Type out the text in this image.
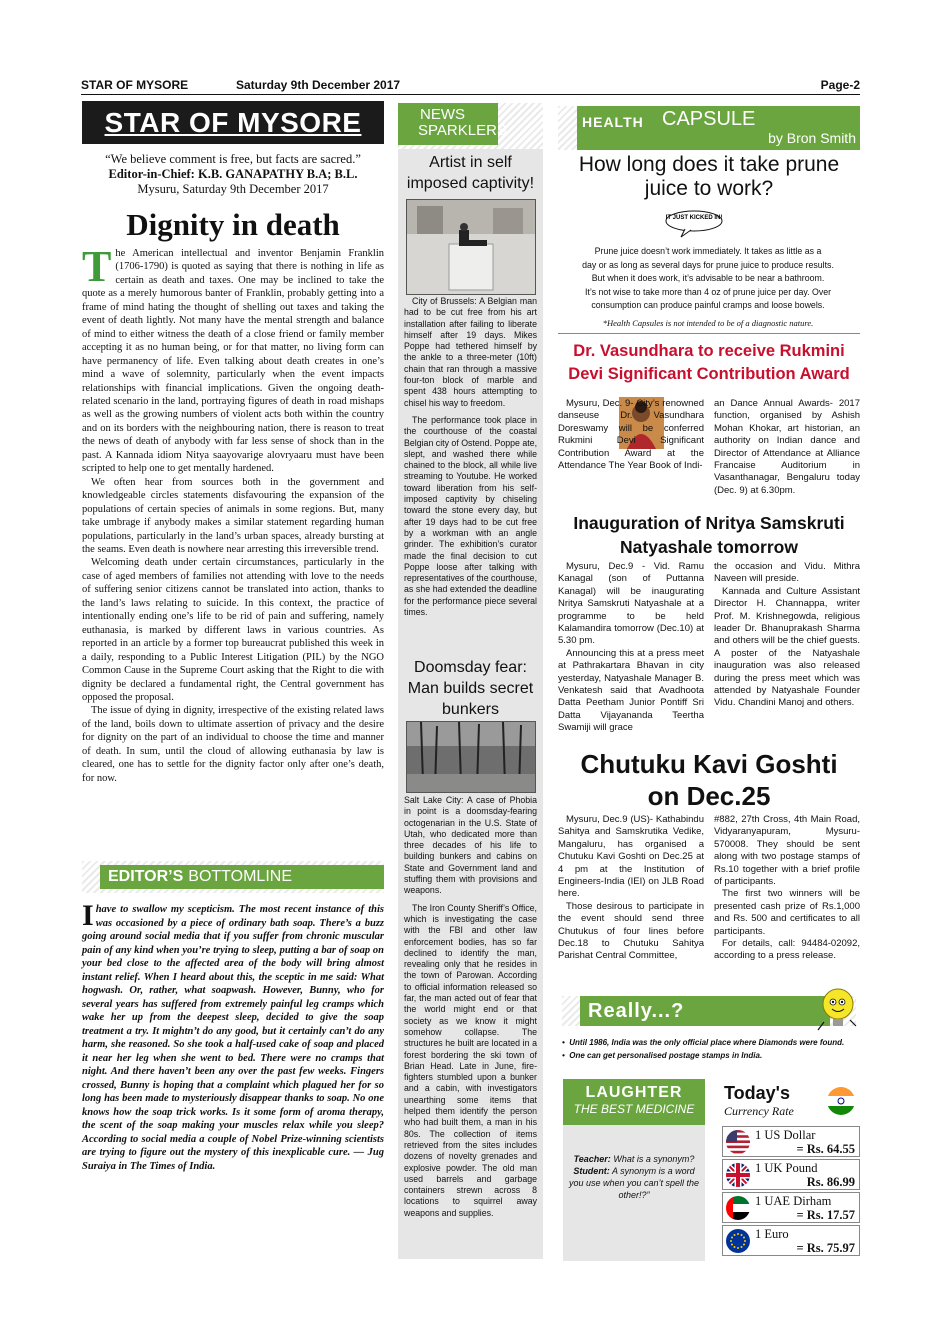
STAR OF MYSORE	Saturday 9th December 2017	Page-2
STAR OF MYSORE
“We believe comment is free, but facts are sacred.”
Editor-in-Chief: K.B. GANAPATHY B.A; B.L.
Mysuru, Saturday 9th December 2017
Dignity in death

The American intellectual and inventor Benjamin Franklin (1706-1790) is quoted as saying that there is nothing in life as certain as death and taxes. One may be inclined to take the quote as a merely humorous banter of Franklin, probably getting into a frame of mind hating the thought of shelling out taxes and taking the event of death lightly. Not many have the mental strength and balance of mind to either witness the death of a close friend or family member accepting it as no human being, or for that matter, no living form can have permanency of life. Even talking about death creates in one’s mind a wave of solemnity, particularly when the event impacts relationships with financial implications. Given the ongoing death-related scenario in the land, portraying figures of death in road mishaps as well as the growing numbers of violent acts both within the country and on its borders with the neighbouring nation, there is reason to treat the news of death of anybody with far less sense of shock than in the past. A Kannada idiom Nitya saayovarige alovryaaru must have been scripted to help one to get mentally hardened.

We often hear from sources both in the government and knowledgeable circles statements disfavouring the expansion of the populations of certain species of animals in some regions. But, many take umbrage if anybody makes a similar statement regarding human populations, particularly in the land’s urban spaces, already bursting at the seams. Even death is nowhere near arresting this irreversible trend.

Welcoming death under certain circumstances, particularly in the case of aged members of families not attending with love to the needs of suffering senior citizens cannot be translated into action, thanks to the land’s laws relating to suicide. In this context, the practice of intentionally ending one’s life to be rid of pain and suffering, namely euthanasia, is marked by different laws in various countries. As reported in an article by a former top bureaucrat published this week in a daily, responding to a Public Interest Litigation (PIL) by the NGO Common Cause in the Supreme Court asking that the Right to die with dignity be declared a fundamental right, the Central government has opposed the proposal.

The issue of dying in dignity, irrespective of the existing related laws of the land, boils down to ultimate assertion of privacy and the desire for dignity on the part of an individual to choose the time and manner of death. In sum, until the cloud of allowing euthanasia by law is cleared, one has to settle for the dignity factor only after one’s death, for now.

EDITOR’S BOTTOMLINE
Ihave to swallow my scepticism. The most recent instance of this was occasioned by a piece of ordinary bath soap. There’s a buzz going around social media that if you suffer from chronic muscular pain of any kind when you’re trying to sleep, putting a bar of soap on your bed close to the affected area of the body will bring almost instant relief. When I heard about this, the sceptic in me said: What hogwash. Or, rather, what soapwash. However, Bunny, who for several years has suffered from extremely painful leg cramps which wake her up from the deepest sleep, decided to give the soap treatment a try. It mightn’t do any good, but it certainly can’t do any harm, she reasoned. So she took a half-used cake of soap and placed it near her leg when she went to bed. There were no cramps that night. And there haven’t been any over the past few weeks. Fingers crossed, Bunny is hoping that a complaint which plagued her for so long has been made to mysteriously disappear thanks to soap. No one knows how the soap trick works. Is it some form of aroma therapy, the scent of the soap making your muscles relax while you sleep? According to social media a couple of Nobel Prize-winning scientists are trying to figure out the mystery of this inexplicable cure. — Jug Suraiya in The Times of India.
NEWS
SPARKLERS
Artist in self imposed captivity!

City of Brussels: A Belgian man had to be cut free from his art installation after failing to liberate himself after 19 days. Mikes Poppe had tethered himself by the ankle to a three-meter (10ft) chain that ran through a massive four-ton block of marble and spent 438 hours attempting to chisel his way to freedom.

The performance took place in the courthouse of the coastal Belgian city of Ostend. Poppe ate, slept, and washed there while chained to the block, all while live streaming to Youtube. He worked toward liberation from his self-imposed captivity by chiseling toward the stone every day, but after 19 days had to be cut free by a workman with an angle grinder. The exhibition’s curator made the final decision to cut Poppe loose after talking with representatives of the courthouse, as she had extended the deadline for the performance piece several times.

Doomsday fear: Man builds secret bunkers

Salt Lake City: A case of Phobia in point is a doomsday-fearing octogenarian in the U.S. State of Utah, who dedicated more than three decades of his life to building bunkers and cabins on State and Government land and stuffing them with provisions and weapons.

The Iron County Sheriff’s Office, which is investigating the case with the FBI and other law enforcement bodies, has so far declined to identify the man, revealing only that he resides in the town of Parowan. According to official information released so far, the man acted out of fear that the world might end or that society as we know it might somehow collapse. The structures he built are located in a forest bordering the ski town of Brian Head. Late in June, fire-fighters stumbled upon a bunker and a cabin, with investigators unearthing some items that helped them identify the person who had built them, a man in his 80s. The collection of items retrieved from the sites includes dozens of novelty grenades and explosive powder. The old man used barrels and garbage containers strewn across 8 locations to squirrel away weapons and supplies.

HEALTH CAPSULE
by Bron Smith
How long does it take prune juice to work?
IT JUST KICKED IN!
Prune juice doesn’t work immediately. It takes as little as a
day or as long as several days for prune juice to produce results.
But when it does work, it’s advisable to be near a bathroom.
It’s not wise to take more than 4 oz of prune juice per day. Over
consumption can produce painful cramps and loose bowels.
*Health Capsules is not intended to be of a diagnostic nature.
Dr. Vasundhara to receive Rukmini Devi Significant Contribution Award

Mysuru, Dec. 9- City’s renowned danseuse Dr. Vasundhara Doreswamy will be conferred Rukmini Devi Significant Contribution Award at the Attendance The Year Book of Indi-

an Dance Annual Awards- 2017 function, organised by Ashish Mohan Khokar, art historian, an authority on Indian dance and Director of Attendance at Alliance Francaise Auditorium in Vasanthanagar, Bengaluru today (Dec. 9) at 6.30pm.

Inauguration of Nritya Samskruti Natyashale tomorrow

Mysuru, Dec.9 - Vid. Ramu Kanagal (son of Puttanna Kanagal) will be inaugurating Nritya Samskruti Natyashale at a programme to be held Kalamandira tomorrow (Dec.10) at 5.30 pm.

Announcing this at a press meet at Pathrakartara Bhavan in city yesterday, Natyashale Manager B. Venkatesh said that Avadhoota Datta Peetham Junior Pontiff Sri Datta Vijayananda Teertha Swamiji will grace

the occasion and Vidu. Mithra Naveen will preside.

Kannada and Culture Assistant Director H. Channappa, writer Prof. M. Krishnegowda, religious leader Dr. Bhanuprakash Sharma and others will be the chief guests. A poster of the Natyashale inauguration was also released during the press meet which was attended by Natyashale Founder Vidu. Chandini Manoj and others.

Chutuku Kavi Goshti on Dec.25

Mysuru, Dec.9 (US)- Kathabindu Sahitya and Samskrutika Vedike, Mangaluru, has organised a Chutuku Kavi Goshti on Dec.25 at 4 pm at the Institution of Engineers-India (IEI) on JLB Road here.

Those desirous to participate in the event should send three Chutukus of four lines before Dec.18 to Chutuku Sahitya Parishat Central Committee,

#882, 27th Cross, 4th Main Road, Vidyaranyapuram, Mysuru-570008. They should be sent along with two postage stamps of Rs.10 together with a brief profile of participants.

The first two winners will be presented cash prize of Rs.1,000 and Rs. 500 and certificates to all participants.

For details, call: 94484-02092, according to a press release.

Really...?
•  Until 1986, India was the only official place where Diamonds were found.
•  One can get personalised postage stamps in India.
LAUGHTER
THE BEST MEDICINE
Teacher: What is a synonym?
Student: A synonym is a word you use when you can’t spell the other!?”
Today's
Currency Rate
1 US Dollar
= Rs. 64.55
1 UK Pound
Rs. 86.99
1 UAE Dirham
= Rs. 17.57
1 Euro
= Rs. 75.97
